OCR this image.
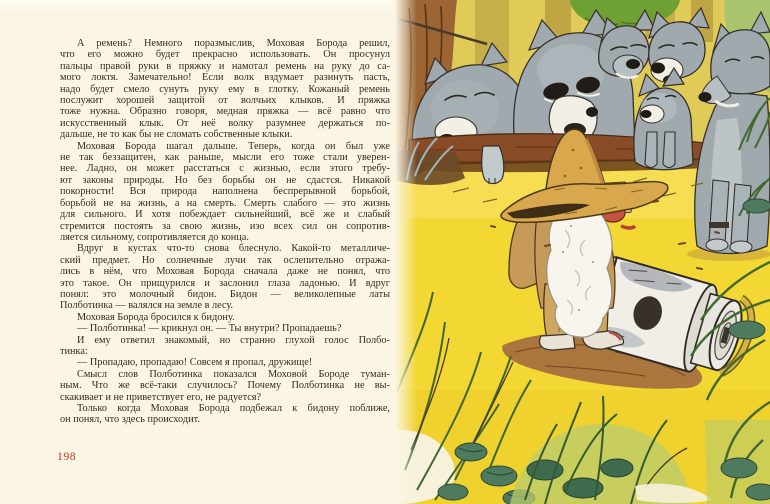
А ремень? Немного поразмыслив, Моховая Борода решил,
что его можно будет прекрасно использовать. Он просунул
пальцы правой руки в пряжку и намотал ремень на руку до са-
мого локтя. Замечательно! Если волк вздумает разинуть пасть,
надо будет смело сунуть руку ему в глотку. Кожаный ремень
послужит хорошей защитой от волчьих клыков. И пряжка
тоже нужна. Образно говоря, медная пряжка — всё равно что
искусственный клык. От неё волку разумнее держаться по-
дальше, не то как бы не сломать собственные клыки.

Моховая Борода шагал дальше. Теперь, когда он был уже
не так беззащитен, как раньше, мысли его тоже стали уверен-
нее. Ладно, он может расстаться с жизнью, если этого требу-
ют законы природы. Но без борьбы он не сдастся. Никакой
покорности! Вся природа наполнена беспрерывной борьбой,
борьбой не на жизнь, а на смерть. Смерть слабого — это жизнь
для сильного. И хотя побеждает сильнейший, всё же и слабый
стремится постоять за свою жизнь, изо всех сил он сопротив-
ляется сильному, сопротивляется до конца.

Вдруг в кустах что-то снова блеснуло. Какой-то металличе-
ский предмет. Но солнечные лучи так ослепительно отража-
лись в нём, что Моховая Борода сначала даже не понял, что
это такое. Он прищурился и заслонил глаза ладонью. И вдруг
понял: это молочный бидон. Бидон — великолепные латы
Полботинка — валялся на земле в лесу.

Моховая Борода бросился к бидону.

— Полботинка! — крикнул он. — Ты внутри? Пропадаешь?

И ему ответил знакомый, но странно глухой голос Полбо-
тинка:

— Пропадаю, пропадаю! Совсем я пропал, дружище!

Смысл слов Полботинка показался Моховой Бороде туман-
ным. Что же всё-таки случилось? Почему Полботинка не вы-
скакивает и не приветствует его, не радуется?

Только когда Моховая Борода подбежал к бидону поближе,
он понял, что здесь происходит.

198
